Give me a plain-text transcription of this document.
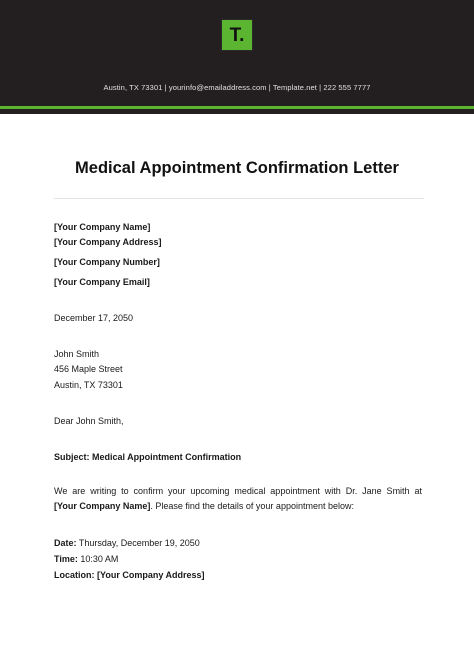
T.
Austin, TX 73301 | yourinfo@emailaddress.com | Template.net | 222 555 7777
Medical Appointment Confirmation Letter
[Your Company Name]
[Your Company Address]
[Your Company Number]
[Your Company Email]
December 17, 2050
John Smith
456 Maple Street
Austin, TX 73301
Dear John Smith,
Subject: Medical Appointment Confirmation
We are writing to confirm your upcoming medical appointment with Dr. Jane Smith at
[Your Company Name]. Please find the details of your appointment below:
Date: Thursday, December 19, 2050
Time: 10:30 AM
Location: [Your Company Address]
